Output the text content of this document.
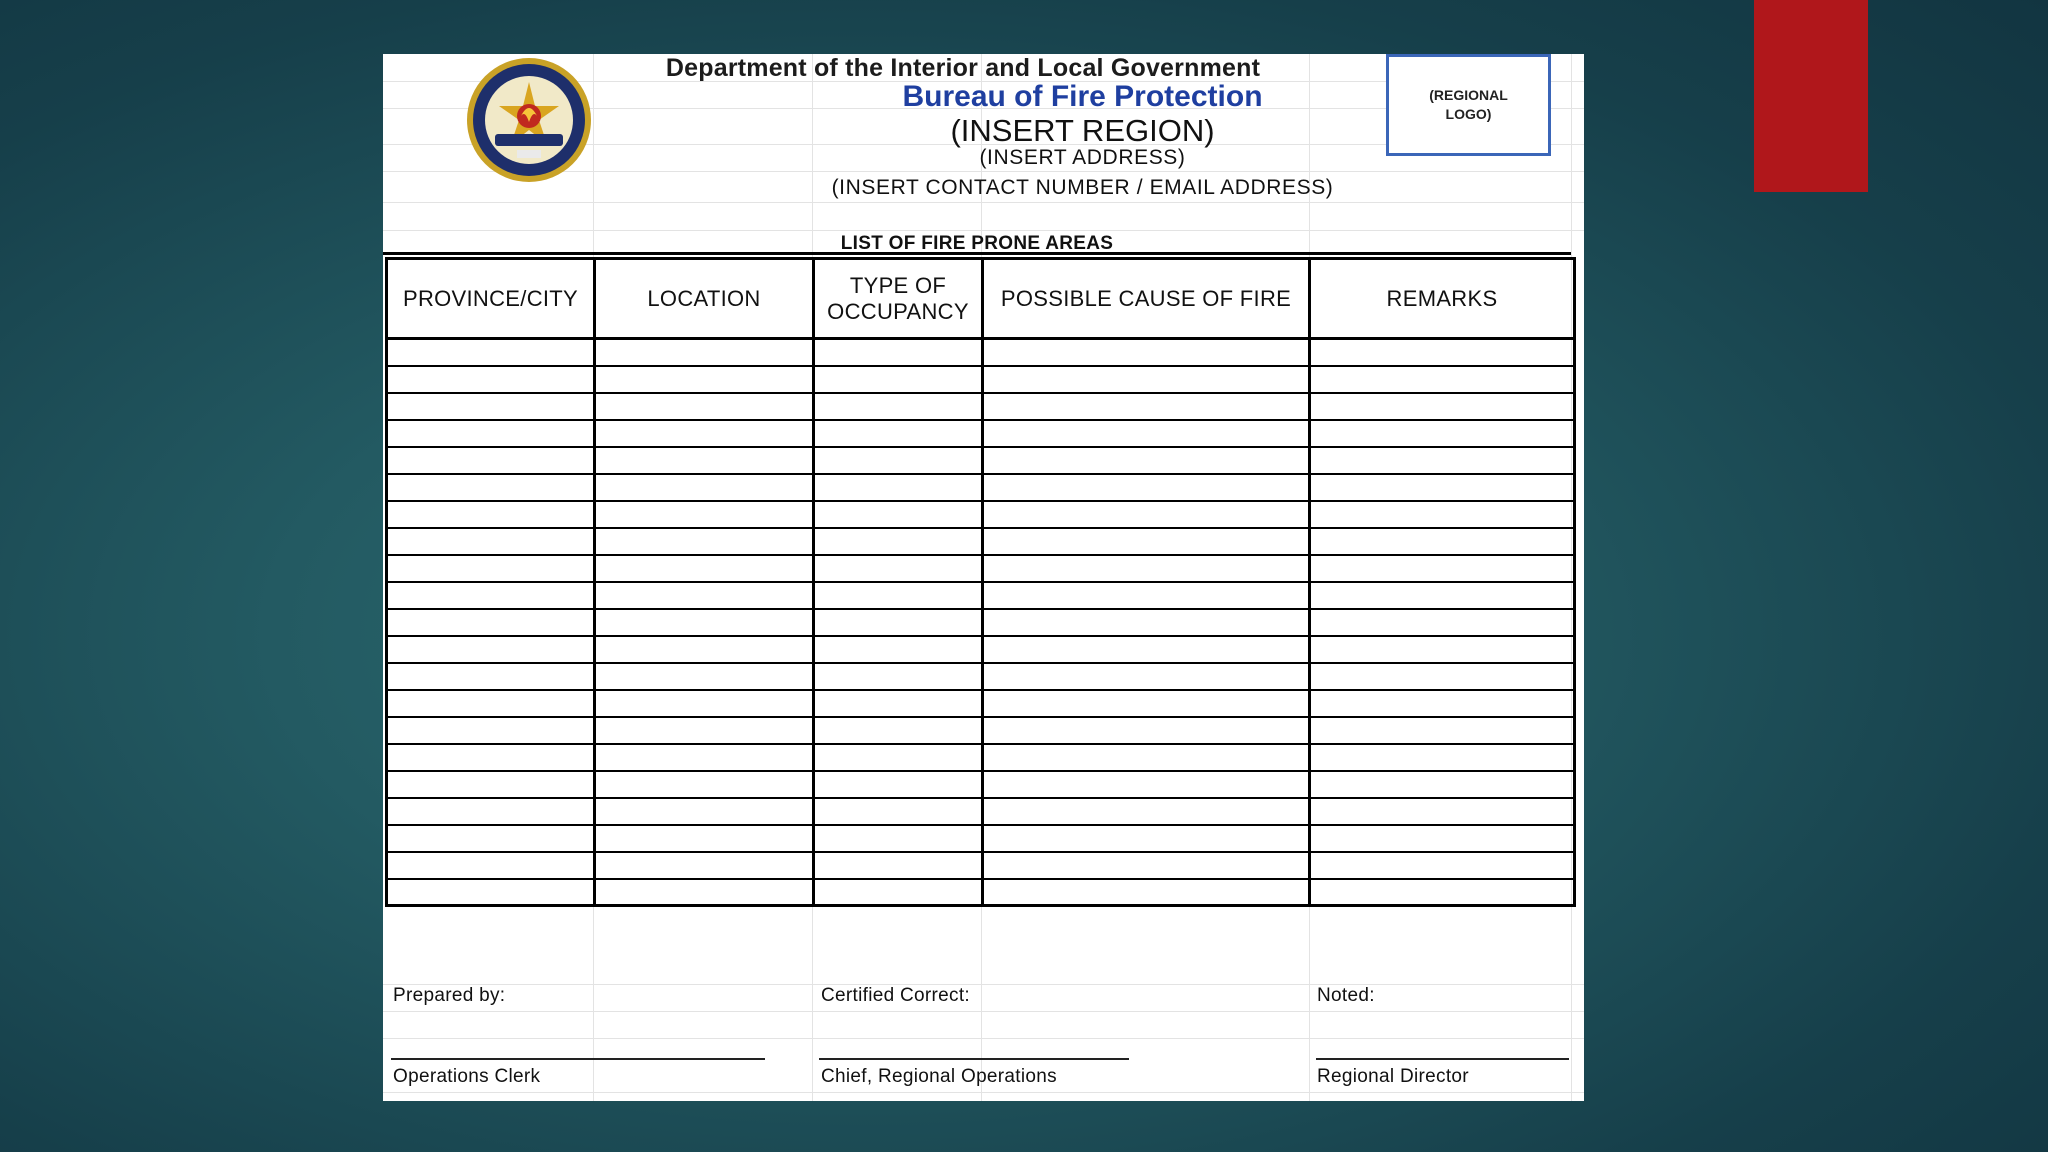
Department of the Interior and Local Government
Bureau of Fire Protection
(INSERT REGION)
(INSERT ADDRESS)
(INSERT CONTACT NUMBER / EMAIL ADDRESS)
(REGIONAL LOGO)
LIST OF FIRE PRONE AREAS
PROVINCE/CITY	LOCATION	TYPE OF OCCUPANCY	POSSIBLE CAUSE OF FIRE	REMARKS

Prepared by:	Certified Correct:	Noted:
Operations Clerk	Chief, Regional Operations	Regional Director
